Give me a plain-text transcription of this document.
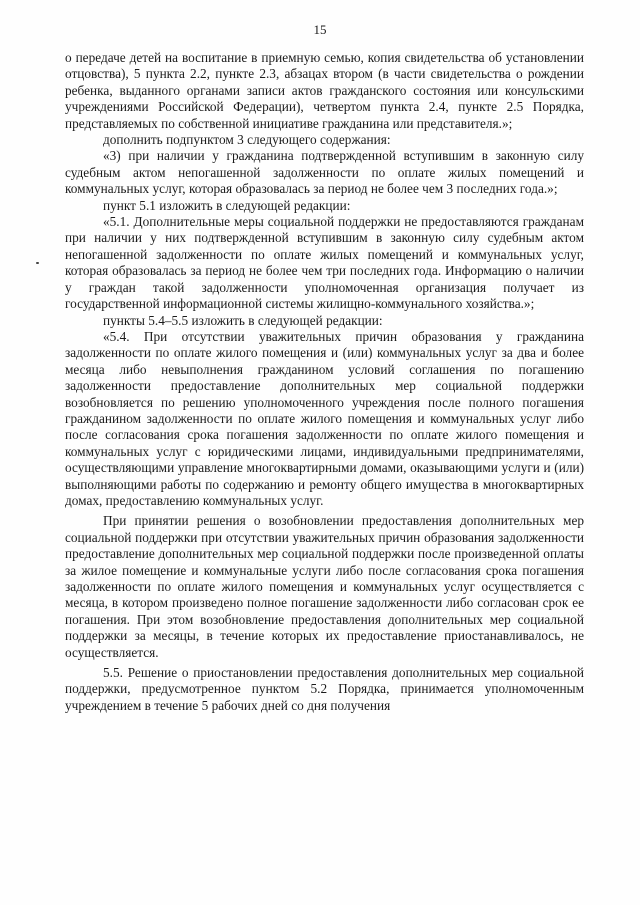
15

о передаче детей на воспитание в приемную семью, копия свидетельства об установлении отцовства), 5 пункта 2.2, пункте 2.3, абзацах втором (в части свидетельства о рождении ребенка, выданного органами записи актов гражданского состояния или консульскими учреждениями Российской Федерации), четвертом пункта 2.4, пункте 2.5 Порядка, представляемых по собственной инициативе гражданина или представителя.»;

дополнить подпунктом 3 следующего содержания:

«3) при наличии у гражданина подтвержденной вступившим в законную силу судебным актом непогашенной задолженности по оплате жилых помещений и коммунальных услуг, которая образовалась за период не более чем 3 последних года.»;

пункт 5.1 изложить в следующей редакции:

«5.1. Дополнительные меры социальной поддержки не предоставляются гражданам при наличии у них подтвержденной вступившим в законную силу судебным актом непогашенной задолженности по оплате жилых помещений и коммунальных услуг, которая образовалась за период не более чем три последних года. Информацию о наличии у граждан такой задолженности уполномоченная организация получает из государственной информационной системы жилищно-коммунального хозяйства.»;

пункты 5.4–5.5 изложить в следующей редакции:

«5.4. При отсутствии уважительных причин образования у гражданина задолженности по оплате жилого помещения и (или) коммунальных услуг за два и более месяца либо невыполнения гражданином условий соглашения по погашению задолженности предоставление дополнительных мер социальной поддержки возобновляется по решению уполномоченного учреждения после полного погашения гражданином задолженности по оплате жилого помещения и коммунальных услуг либо после согласования срока погашения задолженности по оплате жилого помещения и коммунальных услуг с юридическими лицами, индивидуальными предпринимателями, осуществляющими управление многоквартирными домами, оказывающими услуги и (или) выполняющими работы по содержанию и ремонту общего имущества в многоквартирных домах, предоставлению коммунальных услуг.

При принятии решения о возобновлении предоставления дополнительных мер социальной поддержки при отсутствии уважительных причин образования задолженности предоставление дополнительных мер социальной поддержки после произведенной оплаты за жилое помещение и коммунальные услуги либо после согласования срока погашения задолженности по оплате жилого помещения и коммунальных услуг осуществляется с месяца, в котором произведено полное погашение задолженности либо согласован срок ее погашения. При этом возобновление предоставления дополнительных мер социальной поддержки за месяцы, в течение которых их предоставление приостанавливалось, не осуществляется.

5.5. Решение о приостановлении предоставления дополнительных мер социальной поддержки, предусмотренное пунктом 5.2 Порядка, принимается уполномоченным учреждением в течение 5 рабочих дней со дня получения
